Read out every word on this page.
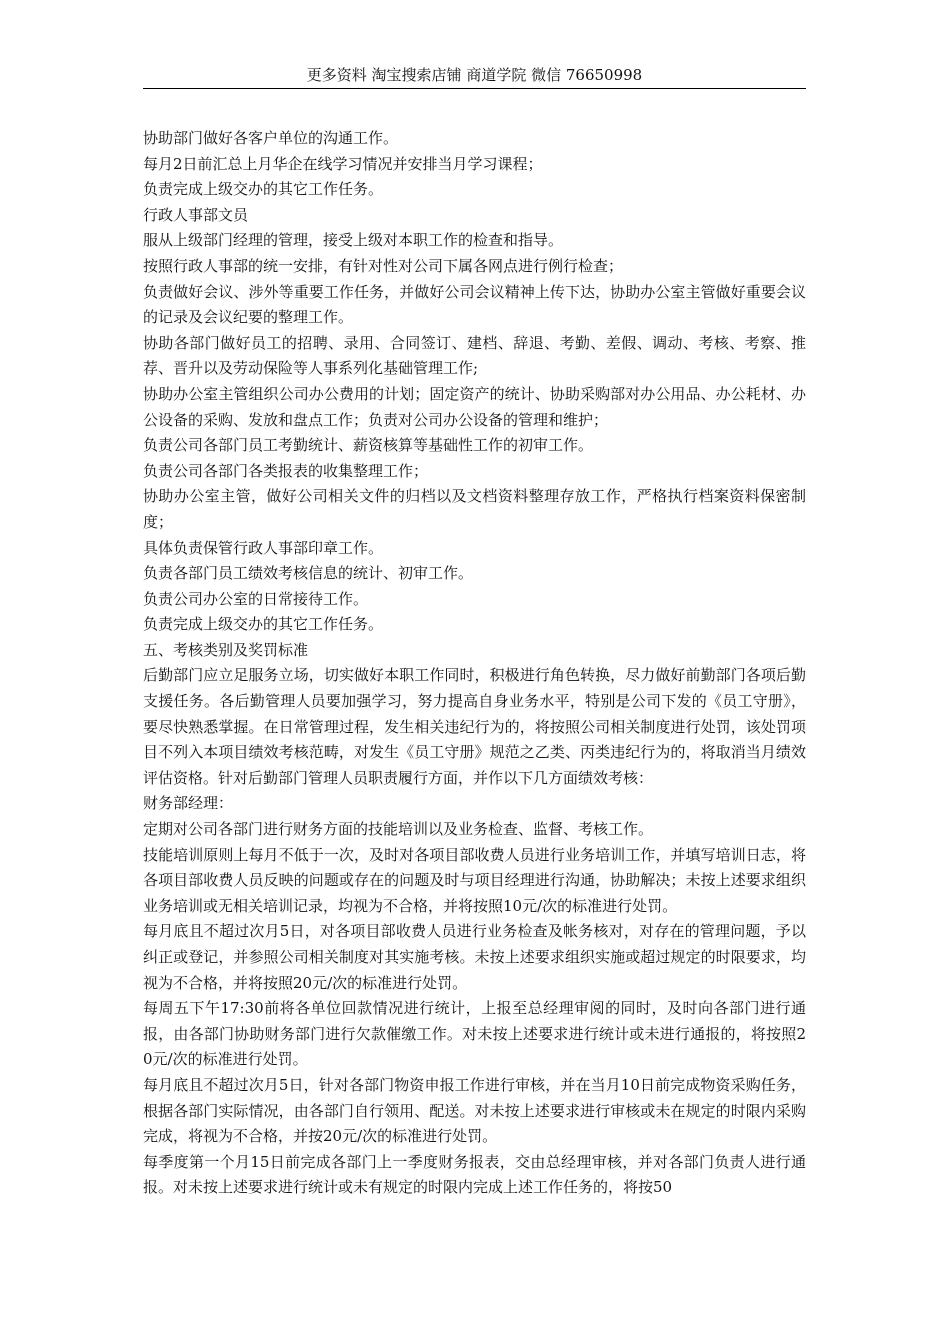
更多资料 淘宝搜索店铺 商道学院 微信 76650998

协助部门做好各客户单位的沟通工作。

每月2日前汇总上月华企在线学习情况并安排当月学习课程；

负责完成上级交办的其它工作任务。

行政人事部文员

服从上级部门经理的管理，接受上级对本职工作的检查和指导。

按照行政人事部的统一安排，有针对性对公司下属各网点进行例行检查；

负责做好会议、涉外等重要工作任务，并做好公司会议精神上传下达，协助办公室主管做好重要会议的记录及会议纪要的整理工作。

协助各部门做好员工的招聘、录用、合同签订、建档、辞退、考勤、差假、调动、考核、考察、推荐、晋升以及劳动保险等人事系列化基础管理工作;

协助办公室主管组织公司办公费用的计划；固定资产的统计、协助采购部对办公用品、办公耗材、办公设备的采购、发放和盘点工作；负责对公司办公设备的管理和维护；

负责公司各部门员工考勤统计、薪资核算等基础性工作的初审工作。

负责公司各部门各类报表的收集整理工作；

协助办公室主管，做好公司相关文件的归档以及文档资料整理存放工作，严格执行档案资料保密制度；

具体负责保管行政人事部印章工作。

负责各部门员工绩效考核信息的统计、初审工作。

负责公司办公室的日常接待工作。

负责完成上级交办的其它工作任务。

五、考核类别及奖罚标准

后勤部门应立足服务立场，切实做好本职工作同时，积极进行角色转换，尽力做好前勤部门各项后勤支援任务。各后勤管理人员要加强学习，努力提高自身业务水平，特别是公司下发的《员工守册》，要尽快熟悉掌握。在日常管理过程，发生相关违纪行为的，将按照公司相关制度进行处罚，该处罚项目不列入本项目绩效考核范畴，对发生《员工守册》规范之乙类、丙类违纪行为的，将取消当月绩效评估资格。针对后勤部门管理人员职责履行方面，并作以下几方面绩效考核：

财务部经理：

定期对公司各部门进行财务方面的技能培训以及业务检查、监督、考核工作。

技能培训原则上每月不低于一次，及时对各项目部收费人员进行业务培训工作，并填写培训日志，将各项目部收费人员反映的问题或存在的问题及时与项目经理进行沟通，协助解决；未按上述要求组织业务培训或无相关培训记录，均视为不合格，并将按照10元/次的标准进行处罚。

每月底且不超过次月5日，对各项目部收费人员进行业务检查及帐务核对，对存在的管理问题，予以纠正或登记，并参照公司相关制度对其实施考核。未按上述要求组织实施或超过规定的时限要求，均视为不合格，并将按照20元/次的标准进行处罚。

每周五下午17:30前将各单位回款情况进行统计，上报至总经理审阅的同时，及时向各部门进行通报，由各部门协助财务部门进行欠款催缴工作。对未按上述要求进行统计或未进行通报的，将按照20元/次的标准进行处罚。

每月底且不超过次月5日，针对各部门物资申报工作进行审核，并在当月10日前完成物资采购任务，根据各部门实际情况，由各部门自行领用、配送。对未按上述要求进行审核或未在规定的时限内采购完成，将视为不合格，并按20元/次的标准进行处罚。

每季度第一个月15日前完成各部门上一季度财务报表，交由总经理审核，并对各部门负责人进行通报。对未按上述要求进行统计或未有规定的时限内完成上述工作任务的，将按50
